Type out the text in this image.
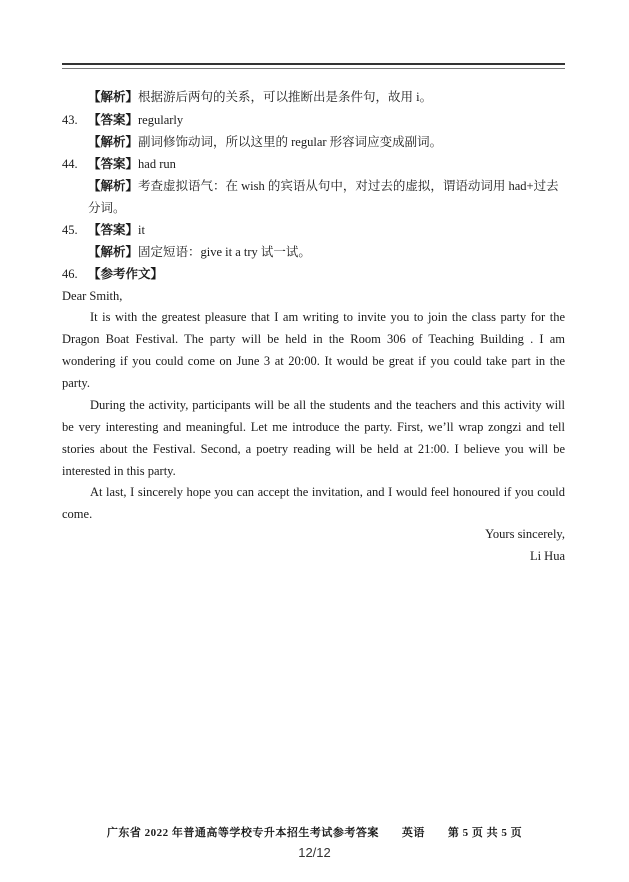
【解析】根据游后两句的关系，可以推断出是条件句，故用 i。
43. 【答案】regularly
【解析】副词修饰动词，所以这里的 regular 形容词应变成副词。
44. 【答案】had run
【解析】考查虚拟语气：在 wish 的宾语从句中，对过去的虚拟，谓语动词用 had+过去
分词。
45. 【答案】it
【解析】固定短语：give it a try 试一试。
46. 【参考作文】
Dear Smith,
It is with the greatest pleasure that I am writing to invite you to join the class party for the Dragon Boat Festival. The party will be held in the Room 306 of Teaching Building . I am wondering if you could come on June 3 at 20:00. It would be great if you could take part in the party.
During the activity, participants will be all the students and the teachers and this activity will be very interesting and meaningful. Let me introduce the party. First, we’ll wrap zongzi and tell stories about the Festival. Second, a poetry reading will be held at 21:00. I believe you will be interested in this party.
At last, I sincerely hope you can accept the invitation, and I would feel honoured if you could come.
Yours sincerely,
Li Hua
广东省 2022 年普通高等学校专升本招生考试参考答案　　英语　　第 5 页 共 5 页
12/12
